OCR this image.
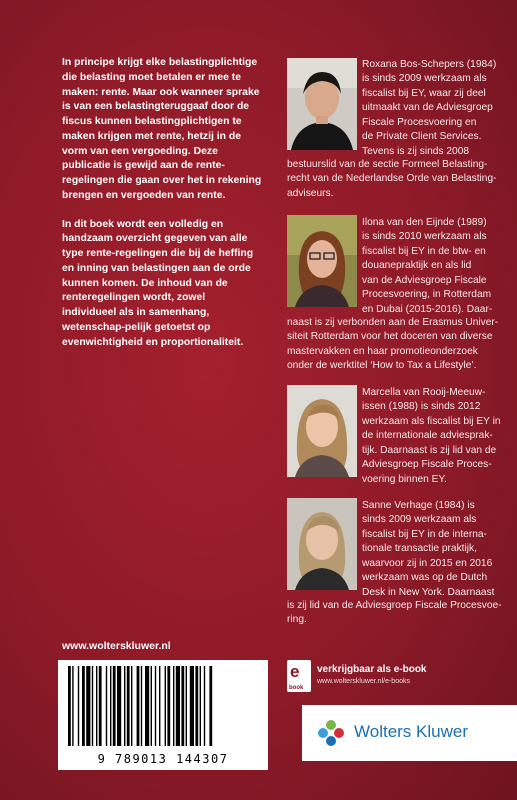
In principe krijgt elke belastingplichtige die belasting moet betalen er mee te maken: rente. Maar ook wanneer sprake is van een belastingteruggaaf door de fiscus kunnen belastingplichtigen te maken krijgen met rente, hetzij in de vorm van een vergoeding. Deze publicatie is gewijd aan de rente-regelingen die gaan over het in rekening brengen en vergoeden van rente.

In dit boek wordt een volledig en handzaam overzicht gegeven van alle type rente-regelingen die bij de heffing en inning van belastingen aan de orde kunnen komen. De inhoud van de renteregelingen wordt, zowel individueel als in samenhang, wetenschap-pelijk getoetst op evenwichtigheid en proportionaliteit.

Roxana Bos-Schepers (1984)
is sinds 2009 werkzaam als
fiscalist bij EY, waar zij deel
uitmaakt van de Adviesgroep
Fiscale Procesvoering en
de Private Client Services.
Tevens is zij sinds 2008
bestuurslid van de sectie Formeel Belasting-
recht van de Nederlandse Orde van Belasting-
adviseurs.
Ilona van den Eijnde (1989)
is sinds 2010 werkzaam als
fiscalist bij EY in de btw- en
douanepraktijk en als lid
van de Adviesgroep Fiscale
Procesvoering, in Rotterdam
en Dubai (2015-2016). Daar-
naast is zij verbonden aan de Erasmus Univer-
siteit Rotterdam voor het doceren van diverse
mastervakken en haar promotieonderzoek
onder de werktitel ‘How to Tax a Lifestyle’.
Marcella van Rooij-Meeuw-
issen (1988) is sinds 2012
werkzaam als fiscalist bij EY in
de internationale adviesprak-
tijk. Daarnaast is zij lid van de
Adviesgroep Fiscale Proces-
voering binnen EY.
Sanne Verhage (1984) is
sinds 2009 werkzaam als
fiscalist bij EY in de interna-
tionale transactie praktijk,
waarvoor zij in 2015 en 2016
werkzaam was op de Dutch
Desk in New York. Daarnaast
is zij lid van de Adviesgroep Fiscale Procesvoe-
ring.
www.wolterskluwer.nl
9 789013 144307
e
book
verkrijgbaar als e-book
www.wolterskluwer.nl/e-books
Wolters Kluwer
